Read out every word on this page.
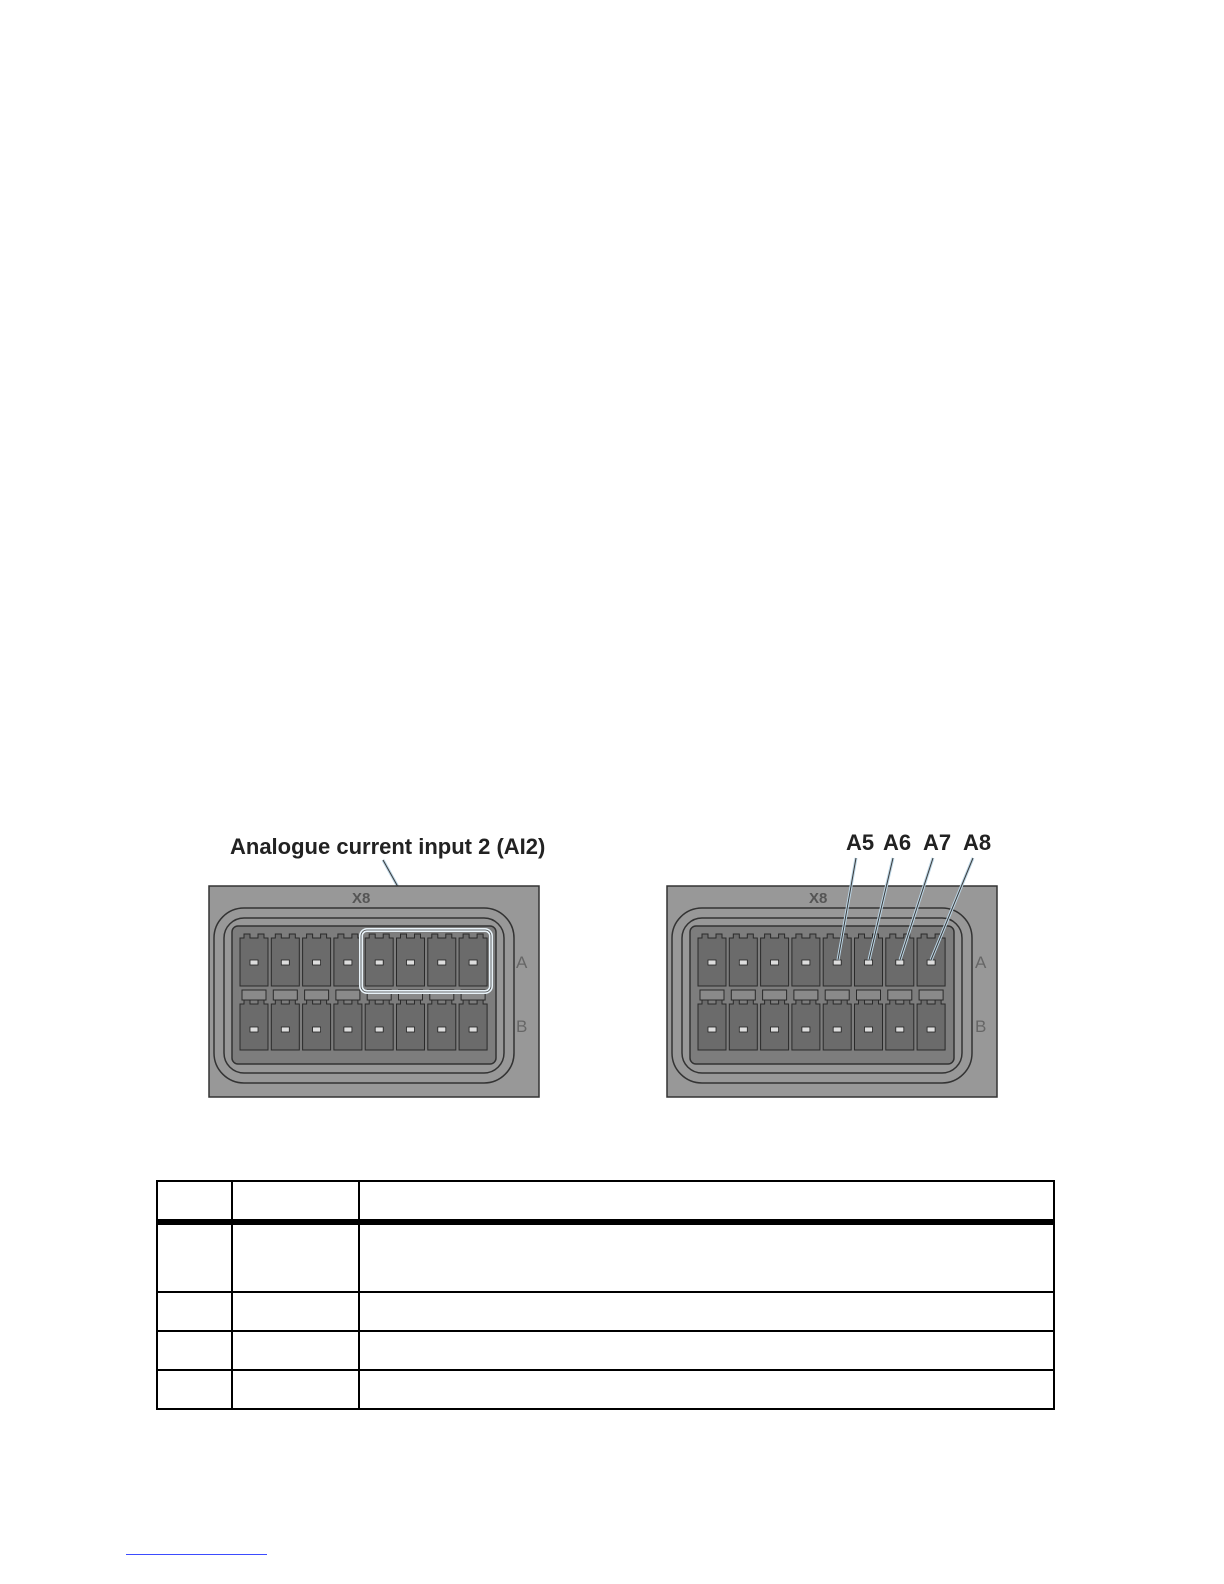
Analogue current input 2 (AI2)
X8
A
B
A5 A6 A7 A8
X8
A
B
